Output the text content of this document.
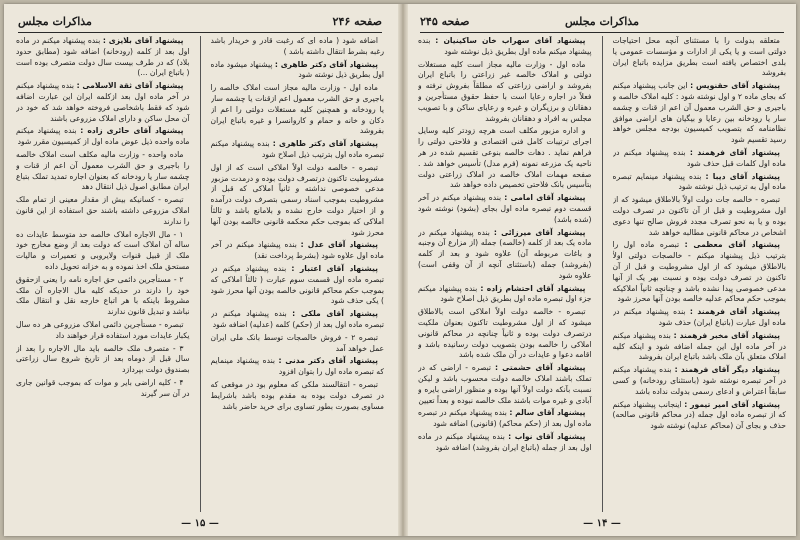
مذاکرات مجلس	صفحه ۲۴۶

اضافه شود ( ماده ای که رغبت قادر و خریدار باشد رغبه بشرط انتقال داشته باشد )

پیشنهاد آقای دکتر طاهری : پیشنهاد میشود ماده اول بطریق ذیل نوشته شود

ماده اول - وزارت مالیه مجاز است املاک خالصه را باجیری و حق الشرب معمول اعم ازقنات یا چشمه سار یا رودخانه و همچنین کلیه مستغلات دولتی را اعم از دکان و خانه و حمام و کاروانسرا و غیره باتباع ایران بفروشد

پیشنهاد آقای دکتر طاهری : بنده پیشنهاد میکنم تبصره ماده اول بترتیب ذیل اصلاح شود

تبصره - خالصه دولت اولاً املاکی است که از اول مشروطیت تاکنون درتصرف دولت بوده و درمدت مزبور مدعی خصوصی نداشته و ثانیاً املاکی که قبل از مشروطیت بموجب اسناد رسمی بتصرف دولت درآمده و از اختیار دولت خارج نشده و بلامانع باشد و ثالثاً املاکی که بموجب حکم محکمه قانونی خالصه بودن آنها محرز شود

پیشنهاد آقای عدل : بنده پیشنهاد میکنم در آخر ماده اول علاوه شود (بشرط پرداخت نقد)

پیشنهاد آقای اعتبار : بنده پیشنهاد میکنم در تبصره ماده اول قسمت سوم عبارت ( ثالثاً املاکی که بموجب حکم محاکم قانونی خالصه بودن آنها محرز شود ) یکی حذف شود

پیشنهاد آقای ملکی : بنده پیشنهاد میکنم در تبصره ماده اول بعد از (حکم) کلمه (عدلیه) اضافه شود

تبصره ۲ - فروش خالصجات توسط بانک ملی ایران عمل خواهد آمد

پیشنهاد آقای دکتر مدنی : بنده پیشنهاد مینمایم که تبصره ماده اول را بتوان افزود

تبصره - انتقالسند ملکی که معلوم بود در موقعی که در تصرف دولت بوده به مقدم بوده باشد باشرایط مساوی بصورت بطور تساوی برای خرید حاضر باشد

پیشنهاد آقای بلایزی : بنده پیشنهاد میکنم در ماده اول بعد از کلمه (رودخانه) اضافه شود (مطابق حدود بلاد) که در طرف بیست سال دولت متصرف بوده است ( باتباع ایران ...)

پیشنهاد آقای ثقة الاسلامی : بنده پیشنهاد میکنم در آخر ماده اول بعد ازکلمه ایران این عبارت اضافه شود که فقط باشخاصی فروخته خواهد شد که خود در آن محل ساکن و دارای املاک مزروعی باشند

پیشنهاد آقای حائری زاده : بنده پیشنهاد میکنم ماده واحده ذیل عوض ماده اول از کمیسیون مقرر شود

ماده واحده - وزارت مالیه مکلف است املاک خالصه را باجیری و حق الشرب معمول آن اعم از قنات و چشمه سار یا رودخانه که بعنوان اجاره تمدید تملک بتباع ایران مطابق اصول ذیل انتقال دهد

تبصره - کسانیکه بیش از مقدار معینی از تمام ملک املاک مزروعی داشته باشند حق استفاده از این قانون را ندارند

۱ - مال الاجاره املاک خالصه حد متوسط عایدات ده ساله آن املاک است که دولت بعد از وضع مخارج خود ملک از قبیل قنوات ولایروبی و تعمیرات و مالیات مستحق ملک اخذ نموده و به خزانه تحویل داده

۲ - مستأجرین دائمی حق اجاره نامه را یعنی ازحقوق خود را دارند در حدیکه کلیه مال الاجاره آن ملک مشروط باینکه با هر اتباع خارجه نقل و انتقال ملک نباشد و تبدیل قانون ندارند

تبصره - مستأجرین دائمی املاک مزروعی هر ده سال یکبار عایدات مورد استفاده قرار خواهند داد

۳ - متصرف ملک خالصه باید مال الاجاره را بعد از سال قبل از دوماه بعد از تاریخ شروع سال زراعتی بصندوق دولت بپردازد

۴ - کلیه اراضی بایر و موات که بموجب قوانین جاری در آن سر گیرند

— ۱۵ —
مذاکرات مجلس
صفحه ۲۴۵

متعلقه بدولت را با مستثنای آنچه محل احتیاجات دولتی است و یا یکی از ادارات و مؤسسات عمومی یا بلدی اختصاص یافته است بطریق مزایده باتباع ایران بفروشد

پیشنهاد آقای حقنویس : این جانب پیشنهاد میکنم که بجای ماده ۲ و اول نوشته شود : کلیه املاک خالصه و باجیری و حق الشرب معمول آن اعم از قنات و چشمه سار یا رودخانه بین رعایا و بیگیان های اراضی موافق نظامنامه که بتصویب کمیسیون بودجه مجلس خواهد رسید تقسیم شود

پیشنهاد آقای فرهمند : بنده پیشنهاد میکنم در ماده اول کلمات قبل حذف شود

پیشنهاد آقای دیبا : بنده پیشنهاد مینمایم تبصره ماده اول به ترتیب ذیل نوشته شود

تبصره - خالصه جات دولت اولاً بالاطلاق میشود که از اول مشروطیت و قبل از آن تاکنون در تصرف دولت بوده و یا به نحو تصرف مجدد فروش صالح تنها دعوی اشخاص در محاکم قانونی مطالبه خواهد شد

پیشنهاد آقای معظمی : تبصره ماده اول را بترتیب ذیل پیشنهاد میکنم - خالصجات دولتی اولاً بالاطلاق میشود که از اول مشروطیت و قبل از آن تاکنون در تصرف دولت بوده و نسبت بهر یک از آنها مدعی خصوصی پیدا نشده باشد و چنانچه ثانیاً املاکیکه بموجب حکم محاکم عدلیه خالصه بودن آنها محرز شود

پیشنهاد آقای فرهمند : بنده پیشنهاد میکنم در ماده اول عبارت (باتباع ایران) حذف شود

پیشنهاد آقای مخبر فرهمند : بنده پیشنهاد میکنم در آخر ماده اول این جمله اضافه شود و اینکه کلیه املاک متعلق بآن ملک باشد باتباع ایران بفروشد

پیشنهاد دیگر آقای فرهمند : بنده پیشنهاد میکنم در آخر تبصره نوشته شود (باستثنای رودخانه) و کسی سابقاً اعتراض و ادعای رسمی بدولت نداده باشد

پیشنهاد آقای امیر تیمور : اینجانب پیشنهاد میکنم که از تبصره ماده اول جمله (در محاکم قانونی صالحه) حذف و بجای آن (محاکم عدلیه) نوشته شود

پیشنهاد آقای سهراب خان ساکینیان : بنده پیشنهاد میکنم ماده اول بطریق ذیل نوشته شود

ماده اول - وزارت مالیه مجاز است کلیه مستغلات دولتی و املاک خالصه غیر زراعتی را باتباع ایران بفروشد و اراضی زراعتی که مطلقاً بفروش نرفته و فعلاً در اجاره رعایا است با حفظ حقوق مستأجرین و دهقانان و برزیگران و غیره و رعایای ساکن و با تصویب مجلس به افراد و دهقانان بفروشد

و اداره مزبور مکلف است هرچه زودتر کلیه وسایل اجرای ترتیبات کامل فنی اقتصادی و فلاحتی دولتی را فراهم نماید . دهات خالصه بنوعی تقسیم شده در هر ناحیه یک مزرعه نمونه (فرم مدل) تأسیس خواهد شد . صفحه مهمات املاک خالصه در املاک زراعتی دولت بتأسیس بانک فلاحتی تخصیص داده خواهد شد

پیشنهاد آقای امامی : بنده پیشنهاد میکنم در آخر قسمت دوم تبصره ماده اول بجای (بشود) نوشته شود (شده باشد)

پیشنهاد آقای میرزائی : بنده پیشنهاد میکنم در ماده یک بعد از کلمه (خالصه) جمله (از مزارع آن وجنبه و باغات مربوطه آن) علاوه شود و بعد از کلمه (بفروشد) جمله (باستثنای آنچه از آن وقفی است) علاوه شود

پیشنهاد آقای احتشام زاده : بنده پیشنهاد میکنم جزء اول تبصره ماده اول بطریق ذیل اصلاح شود

تبصره - خالصه دولت اولاً املاکی است بالاطلاق میشود که از اول مشروطیت تاکنون بعنوان ملکیت درتصرف دولت بوده و ثانیاً چنانچه در محاکم قانونی املاکی را خالصه بودن بتصویب دولت رسانیده باشد و اقامه دعوا و عایدات در آن ملک شده باشد

پیشنهاد آقای حشمتی : تبصره - اراضی که در تملک باشند املاک خالصه دولت محسوب باشد و لیکن نسبت بآنکه دولت اولاً آنها بوده و منظور اراضی بایره و آبادی و غیره موات باشند ملک خالصه نبوده و بعداً تعیین

پیشنهاد آقای سالم : بنده پیشنهاد میکنم در تبصره ماده اول بعد از (حکم محاکم) (قانونی) اضافه شود

پیشنهاد آقای نواب : بنده پیشنهاد میکنم در ماده اول بعد از جمله (باتباع ایران بفروشد) اضافه شود

— ۱۴ —
